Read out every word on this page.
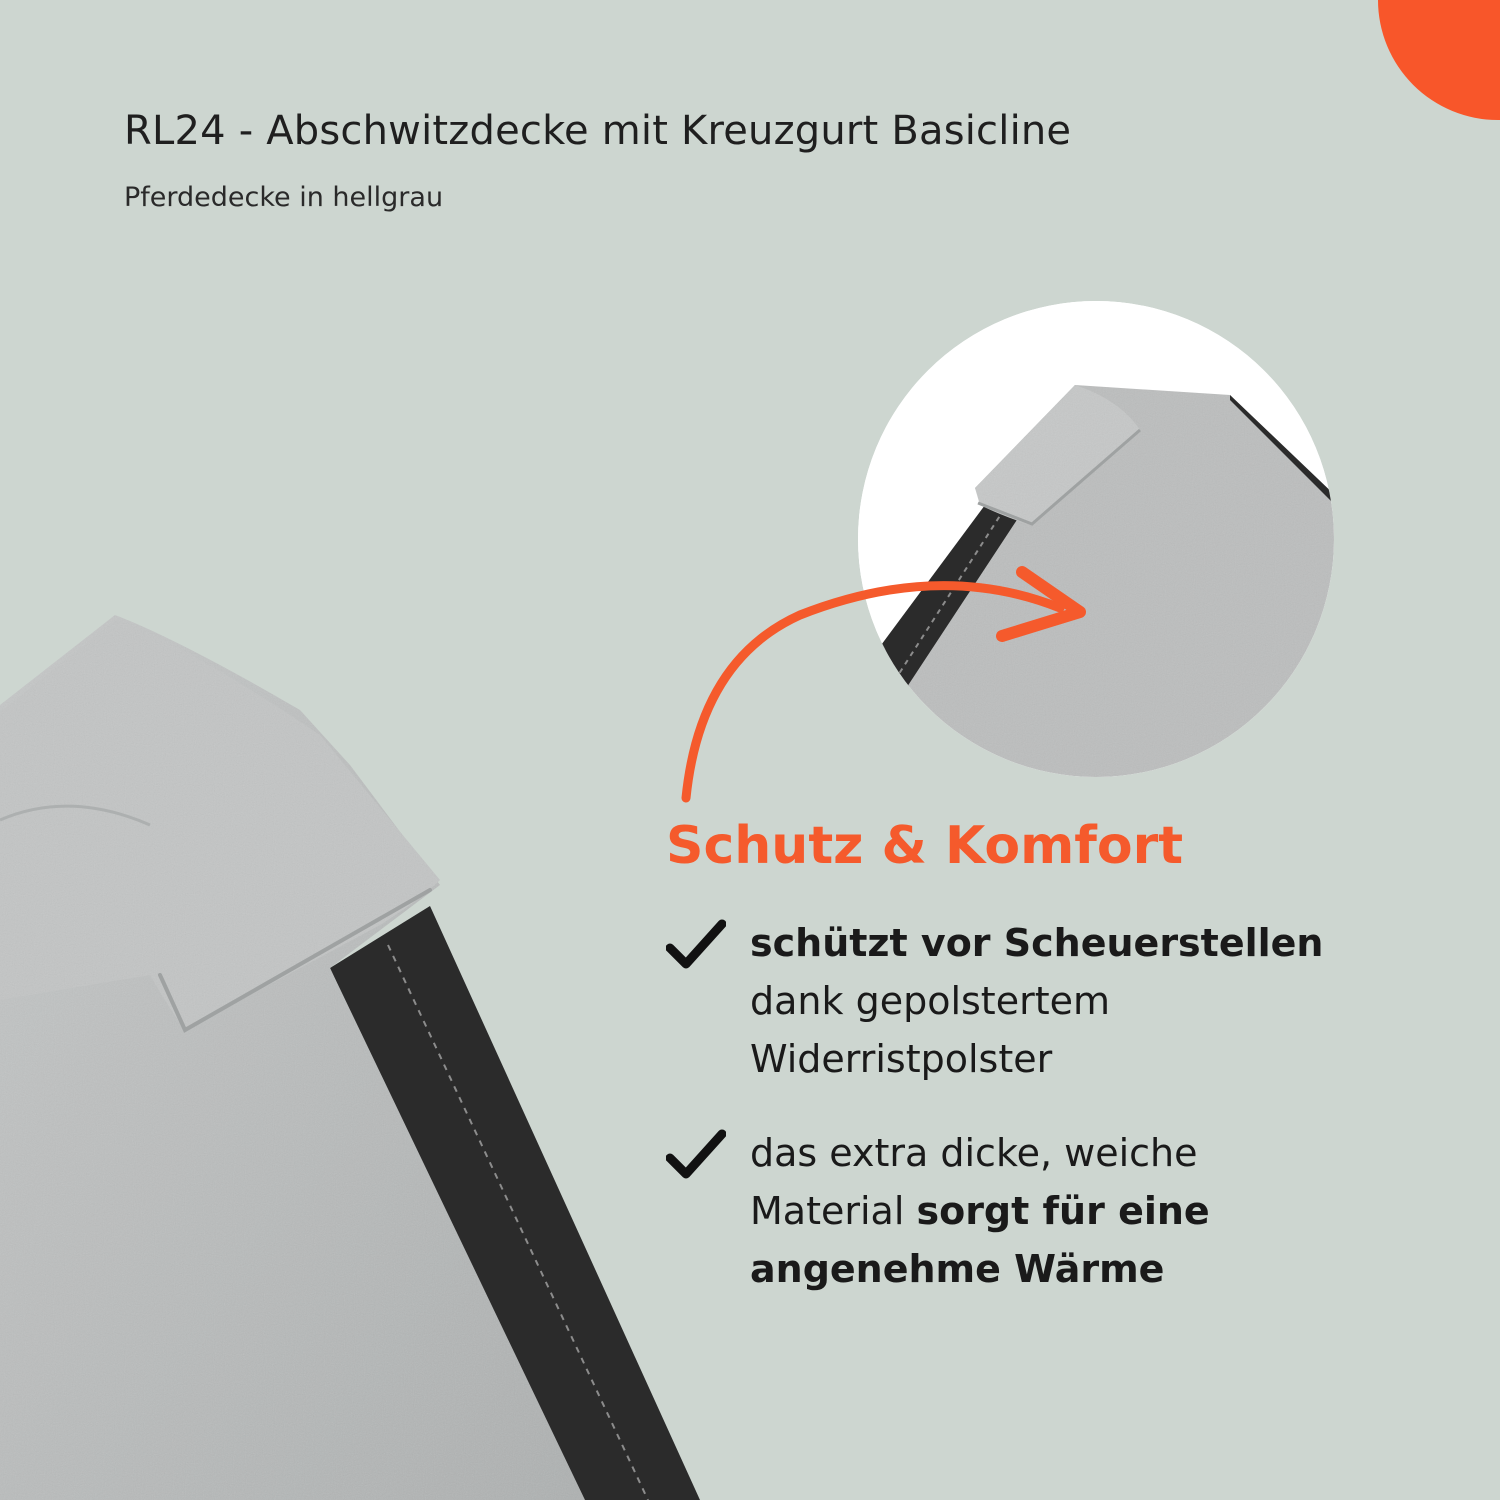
RL24 - Abschwitzdecke mit Kreuzgurt Basicline

Pferdedecke in hellgrau

Schutz & Komfort

schützt vor Scheuerstellen
dank gepolstertem
Widerristpolster

das extra dicke, weiche
Material sorgt für eine
angenehme Wärme
